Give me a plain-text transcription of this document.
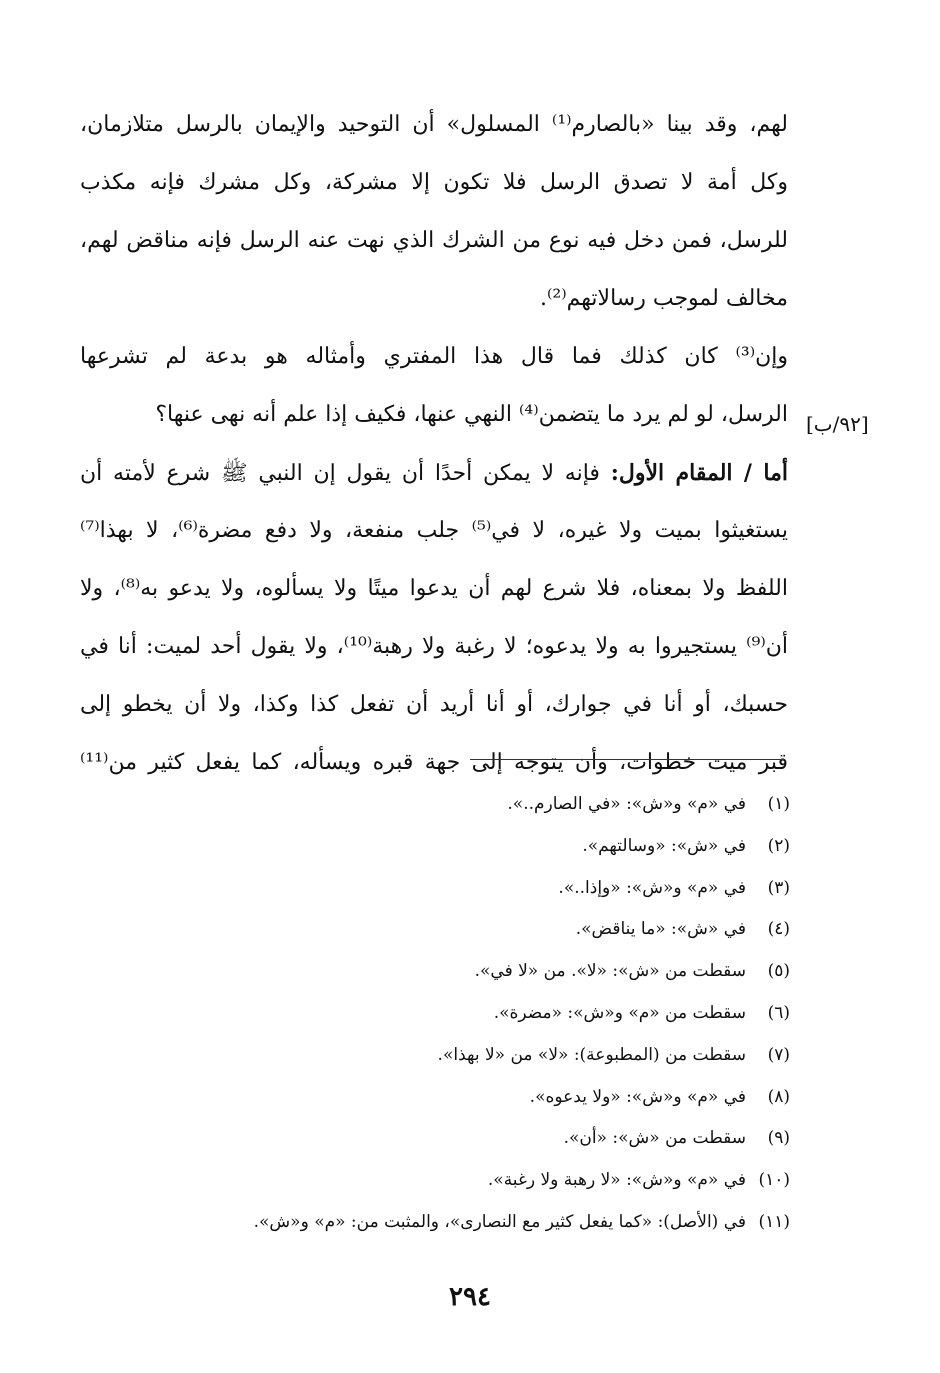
لهم، وقد بينا «بالصارم⁽¹⁾ المسلول» أن التوحيد والإيمان بالرسل متلازمان،
وكل أمة لا تصدق الرسل فلا تكون إلا مشركة، وكل مشرك فإنه مكذب
للرسل، فمن دخل فيه نوع من الشرك الذي نهت عنه الرسل فإنه مناقض لهم،
مخالف لموجب رسالاتهم⁽²⁾.
وإن⁽³⁾ كان كذلك فما قال هذا المفتري وأمثاله هو بدعة لم تشرعها
الرسل، لو لم يرد ما يتضمن⁽⁴⁾ النهي عنها، فكيف إذا علم أنه نهى عنها؟
أما / المقام الأول: فإنه لا يمكن أحدًا أن يقول إن النبي ﷺ شرع لأمته أن
يستغيثوا بميت ولا غيره، لا في⁽⁵⁾ جلب منفعة، ولا دفع مضرة⁽⁶⁾، لا بهذا⁽⁷⁾
اللفظ ولا بمعناه، فلا شرع لهم أن يدعوا ميتًا ولا يسألوه، ولا يدعو به⁽⁸⁾، ولا
أن⁽⁹⁾ يستجيروا به ولا يدعوه؛ لا رغبة ولا رهبة⁽¹⁰⁾، ولا يقول أحد لميت: أنا في
حسبك، أو أنا في جوارك، أو أنا أريد أن تفعل كذا وكذا، ولا أن يخطو إلى
قبر ميت خطوات، وأن يتوجه إلى جهة قبره ويسأله، كما يفعل كثير من⁽¹¹⁾
[٩٢/ب]
(١)
في «م» و«ش»: «في الصارم..».
(٢)
في «ش»: «وسالتهم».
(٣)
في «م» و«ش»: «وإذا..».
(٤)
في «ش»: «ما يناقض».
(٥)
سقطت من «ش»: «لا». من «لا في».
(٦)
سقطت من «م» و«ش»: «مضرة».
(٧)
سقطت من (المطبوعة): «لا» من «لا بهذا».
(٨)
في «م» و«ش»: «ولا يدعوه».
(٩)
سقطت من «ش»: «أن».
(١٠)
في «م» و«ش»: «لا رهبة ولا رغبة».
(١١)
في (الأصل): «كما يفعل كثير مع النصارى»، والمثبت من: «م» و«ش».
٢٩٤
